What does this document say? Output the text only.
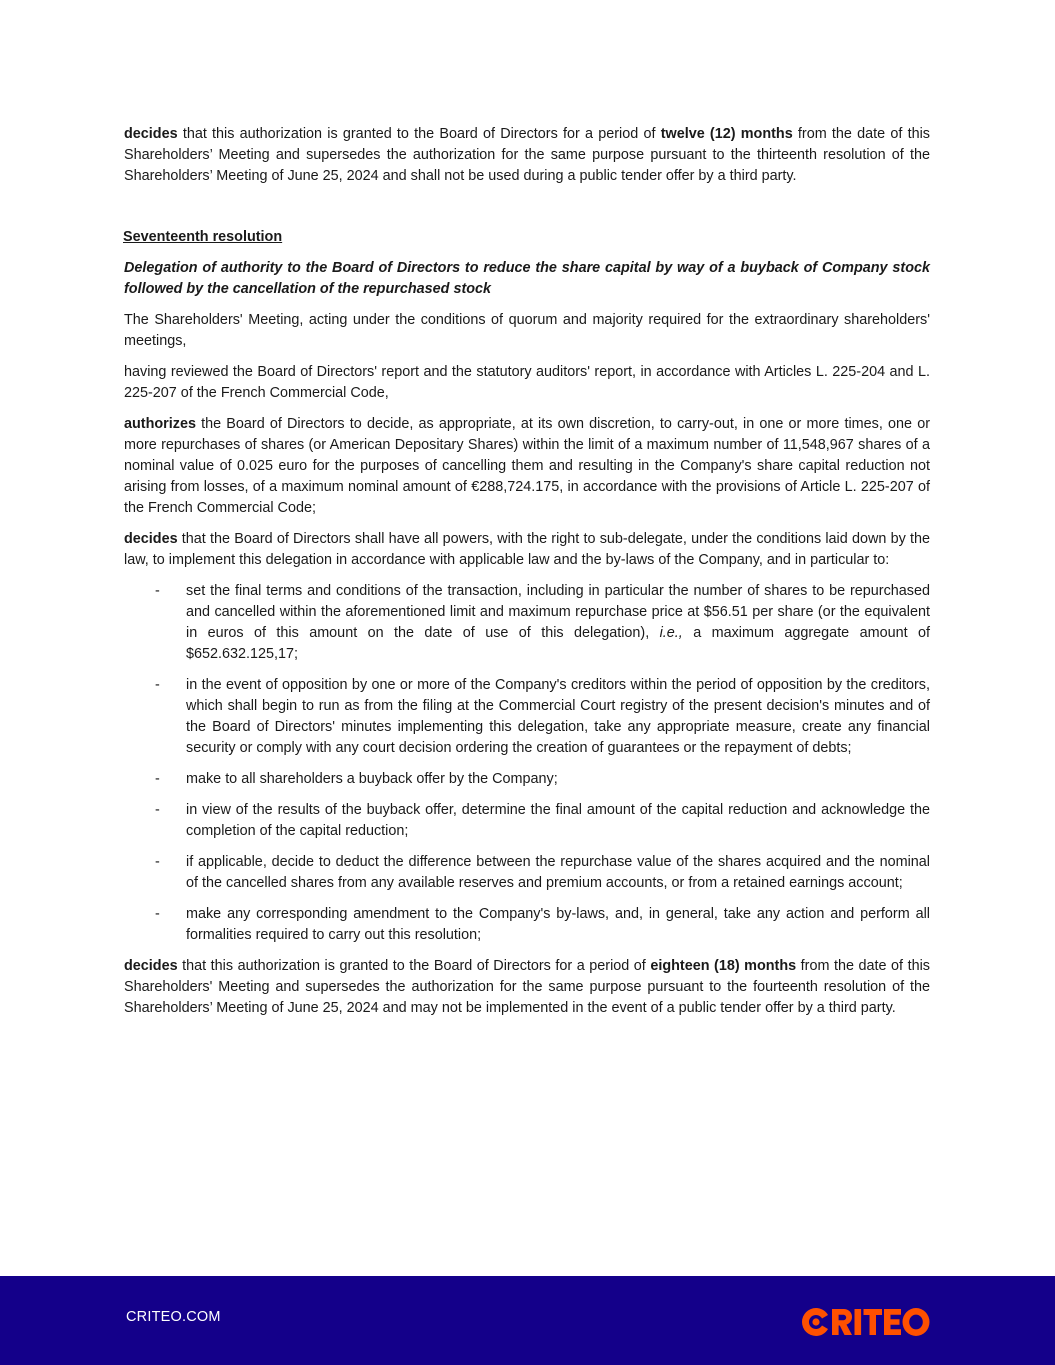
decides that this authorization is granted to the Board of Directors for a period of twelve (12) months from the date of this Shareholders’ Meeting and supersedes the authorization for the same purpose pursuant to the thirteenth resolution of the Shareholders’ Meeting of June 25, 2024 and shall not be used during a public tender offer by a third party.

Seventeenth resolution

Delegation of authority to the Board of Directors to reduce the share capital by way of a buyback of Company stock followed by the cancellation of the repurchased stock

The Shareholders' Meeting, acting under the conditions of quorum and majority required for the extraordinary shareholders' meetings,

having reviewed the Board of Directors' report and the statutory auditors' report, in accordance with Articles L. 225-204 and L. 225-207 of the French Commercial Code,

authorizes the Board of Directors to decide, as appropriate, at its own discretion, to carry-out, in one or more times, one or more repurchases of shares (or American Depositary Shares) within the limit of a maximum number of 11,548,967 shares of a nominal value of 0.025 euro for the purposes of cancelling them and resulting in the Company's share capital reduction not arising from losses, of a maximum nominal amount of €288,724.175, in accordance with the provisions of Article L. 225-207 of the French Commercial Code;

decides that the Board of Directors shall have all powers, with the right to sub-delegate, under the conditions laid down by the law, to implement this delegation in accordance with applicable law and the by-laws of the Company, and in particular to:

- set the final terms and conditions of the transaction, including in particular the number of shares to be repurchased and cancelled within the aforementioned limit and maximum repurchase price at $56.51 per share (or the equivalent in euros of this amount on the date of use of this delegation), i.e., a maximum aggregate amount of $652.632.125,17;
- in the event of opposition by one or more of the Company's creditors within the period of opposition by the creditors, which shall begin to run as from the filing at the Commercial Court registry of the present decision's minutes and of the Board of Directors' minutes implementing this delegation, take any appropriate measure, create any financial security or comply with any court decision ordering the creation of guarantees or the repayment of debts;
- make to all shareholders a buyback offer by the Company;
- in view of the results of the buyback offer, determine the final amount of the capital reduction and acknowledge the completion of the capital reduction;
- if applicable, decide to deduct the difference between the repurchase value of the shares acquired and the nominal of the cancelled shares from any available reserves and premium accounts, or from a retained earnings account;
- make any corresponding amendment to the Company's by-laws, and, in general, take any action and perform all formalities required to carry out this resolution;

decides that this authorization is granted to the Board of Directors for a period of eighteen (18) months from the date of this Shareholders' Meeting and supersedes the authorization for the same purpose pursuant to the fourteenth resolution of the Shareholders’ Meeting of June 25, 2024 and may not be implemented in the event of a public tender offer by a third party.

CRITEO.COM
